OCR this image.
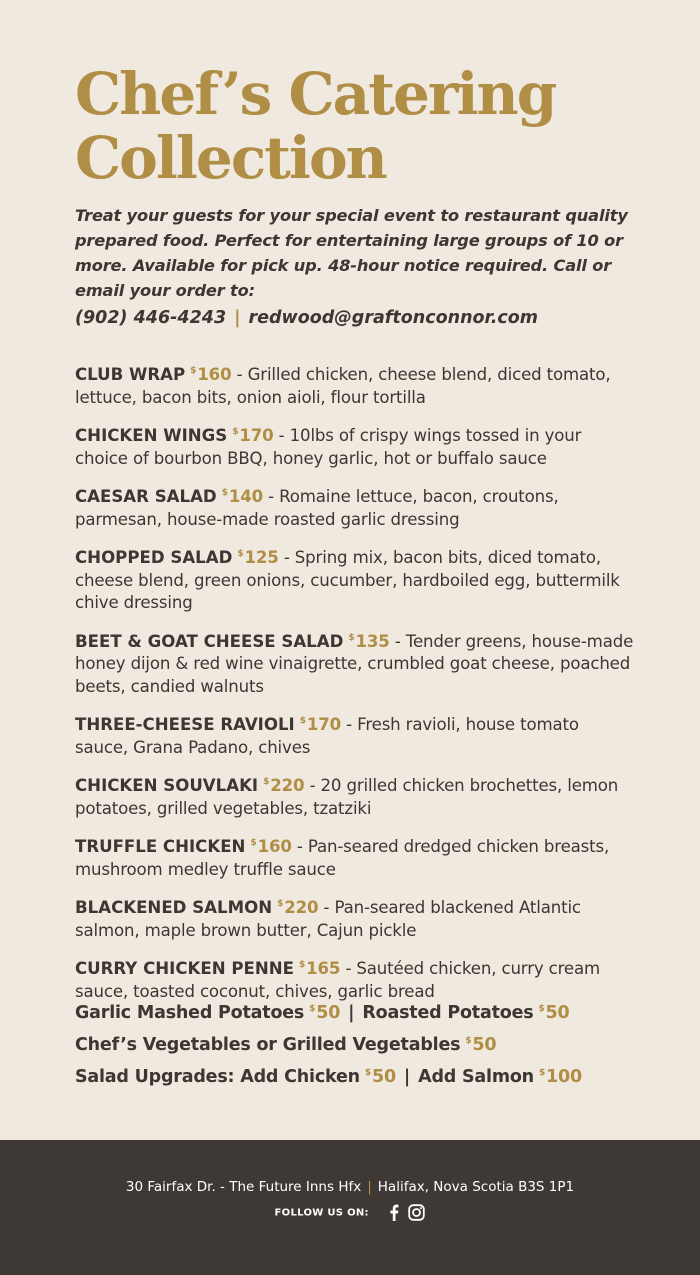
Chef’s Catering
Collection

Treat your guests for your special event to restaurant quality prepared food. Perfect for entertaining large groups of 10 or more. Available for pick up. 48-hour notice required. Call or email your order to:

(902) 446-4243 | redwood@graftonconnor.com

CLUB WRAP $160 - Grilled chicken, cheese blend, diced tomato, lettuce, bacon bits, onion aioli, flour tortilla

CHICKEN WINGS $170 - 10lbs of crispy wings tossed in your choice of bourbon BBQ, honey garlic, hot or buffalo sauce

CAESAR SALAD $140 - Romaine lettuce, bacon, croutons, parmesan, house-made roasted garlic dressing

CHOPPED SALAD $125 - Spring mix, bacon bits, diced tomato, cheese blend, green onions, cucumber, hardboiled egg, buttermilk chive dressing

BEET & GOAT CHEESE SALAD $135 - Tender greens, house-made honey dijon & red wine vinaigrette, crumbled goat cheese, poached beets, candied walnuts

THREE-CHEESE RAVIOLI $170 - Fresh ravioli, house tomato sauce, Grana Padano, chives

CHICKEN SOUVLAKI $220 - 20 grilled chicken brochettes, lemon potatoes, grilled vegetables, tzatziki

TRUFFLE CHICKEN $160 - Pan-seared dredged chicken breasts, mushroom medley truffle sauce

BLACKENED SALMON $220 - Pan-seared blackened Atlantic salmon, maple brown butter, Cajun pickle

CURRY CHICKEN PENNE $165 - Sautéed chicken, curry cream sauce, toasted coconut, chives, garlic bread

Garlic Mashed Potatoes $50 | Roasted Potatoes $50
Chef’s Vegetables or Grilled Vegetables $50
Salad Upgrades: Add Chicken $50 | Add Salmon $100
30 Fairfax Dr. - The Future Inns Hfx | Halifax, Nova Scotia B3S 1P1
FOLLOW US ON:
